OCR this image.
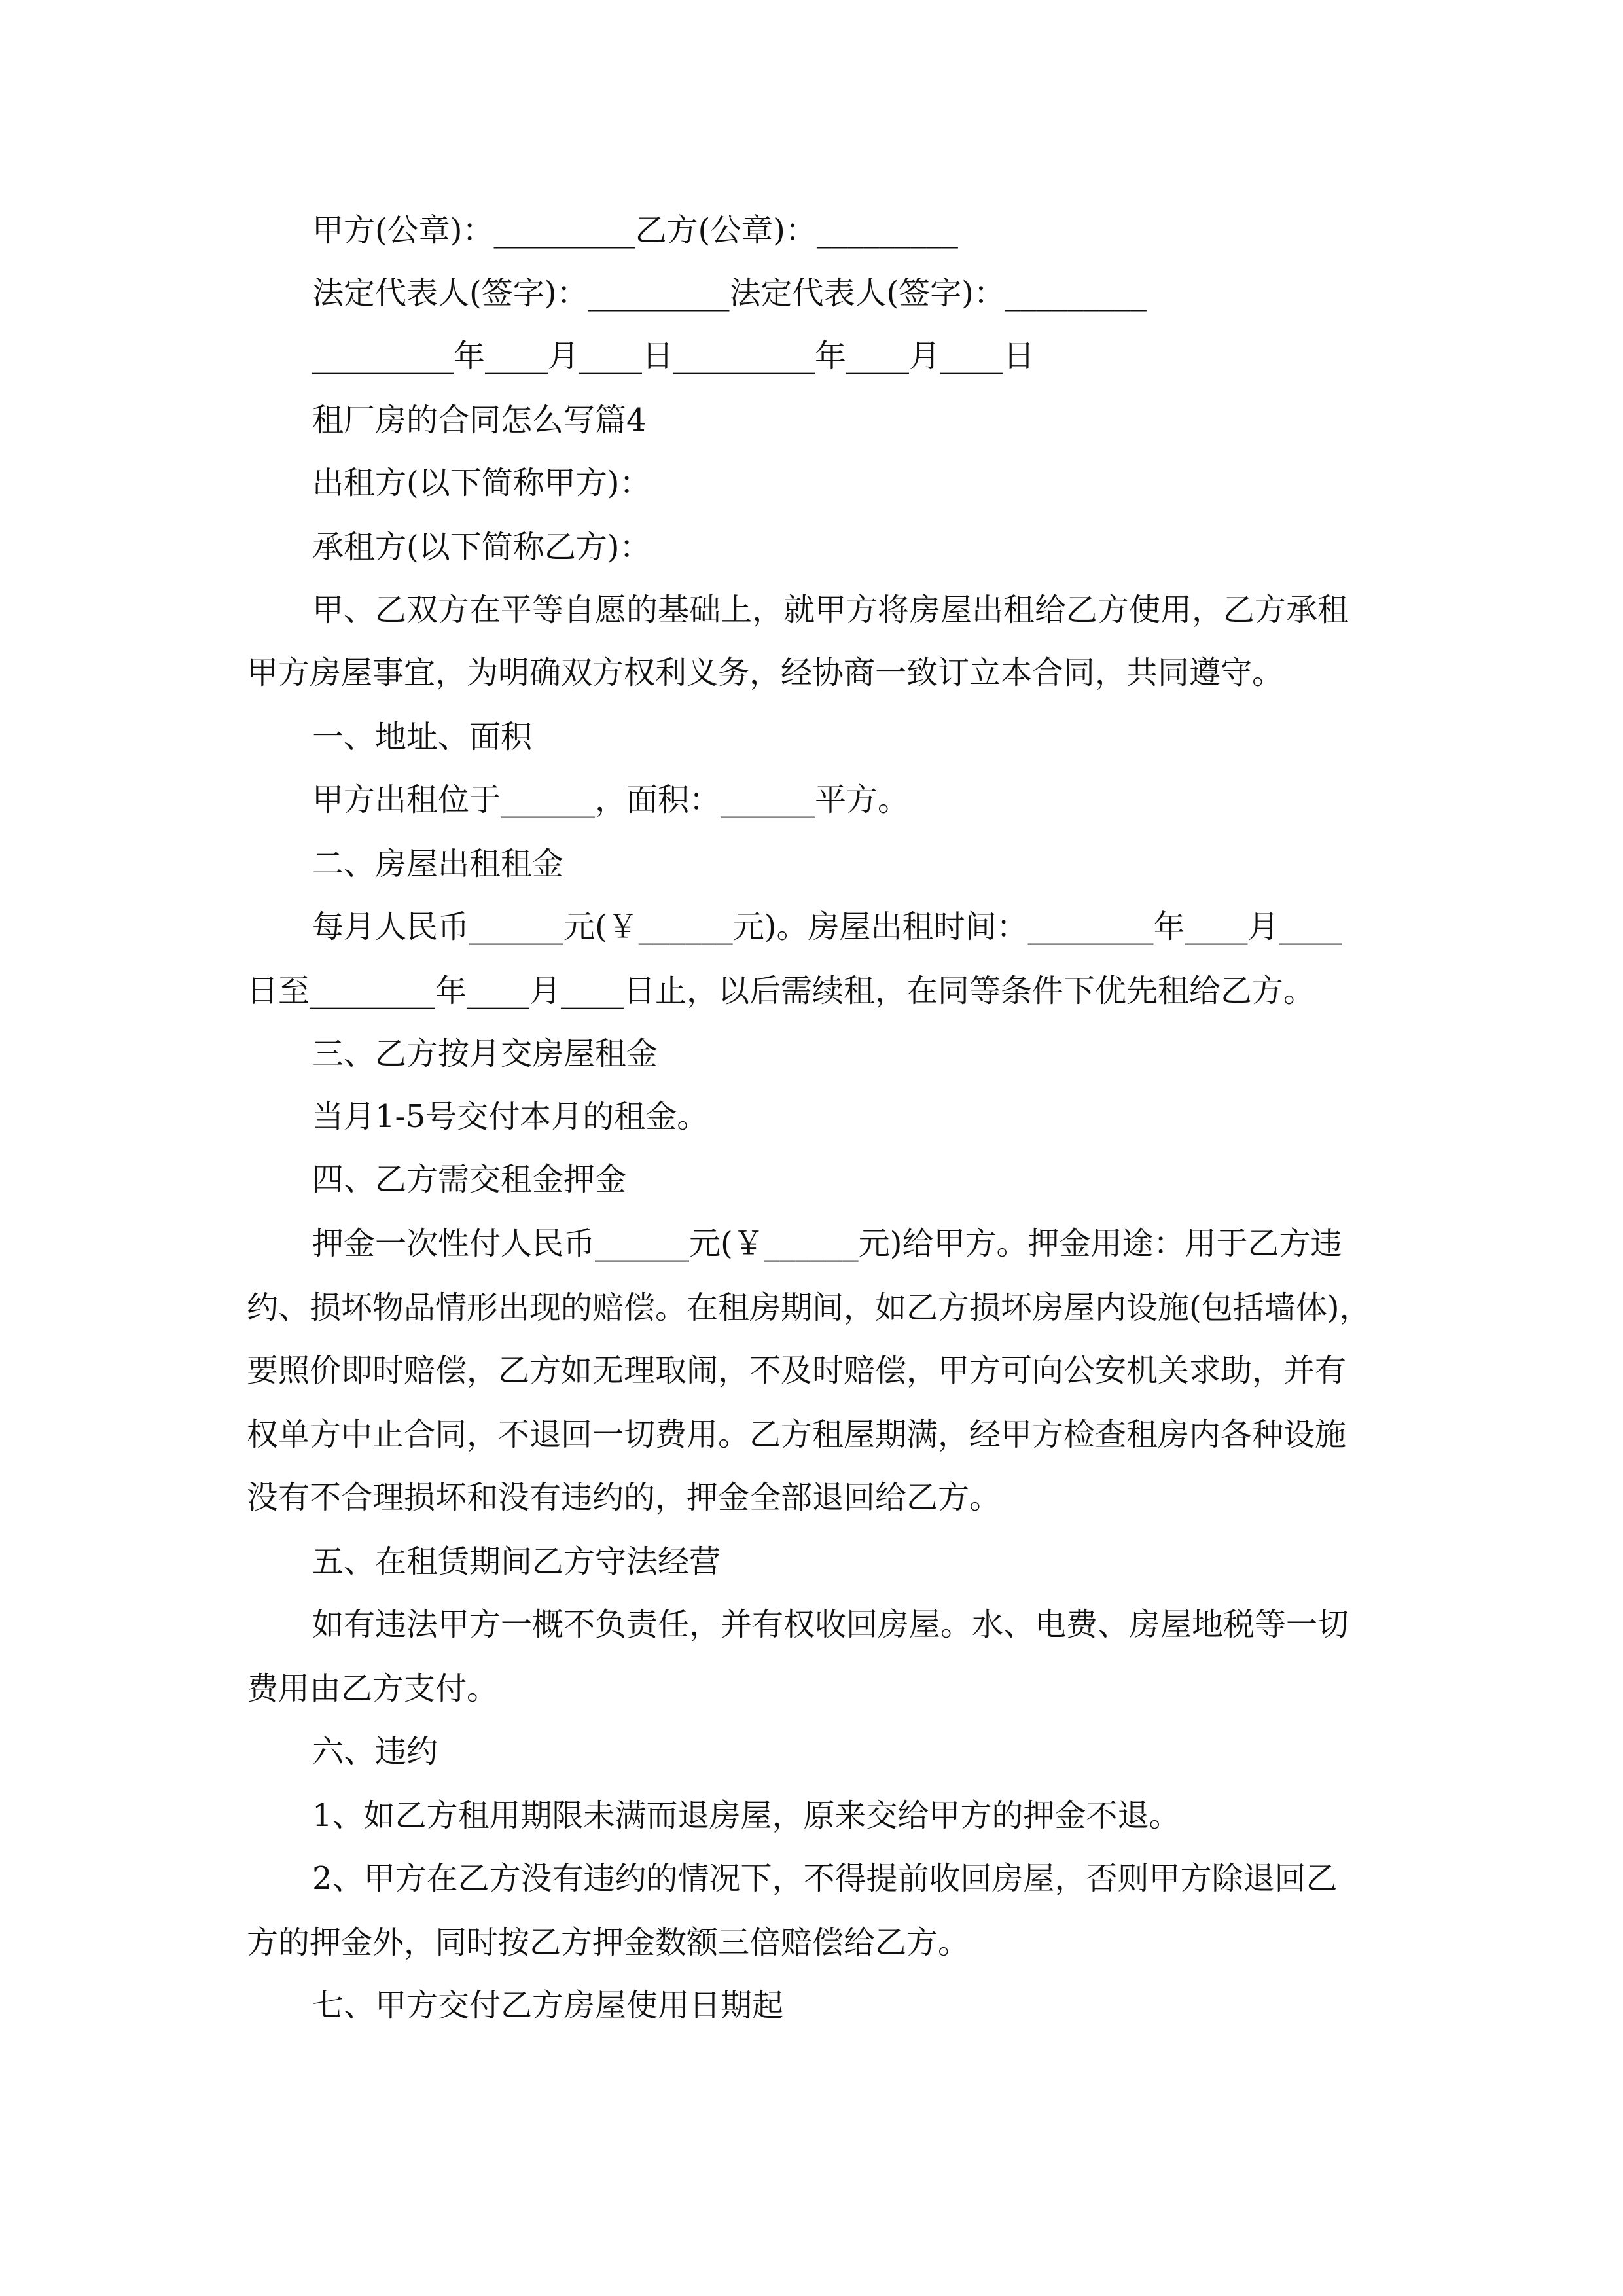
甲方(公章)：_________乙方(公章)：_________
法定代表人(签字)：_________法定代表人(签字)：_________
_________年____月____日_________年____月____日
租厂房的合同怎么写篇4
出租方(以下简称甲方)：
承租方(以下简称乙方)：
甲、乙双方在平等自愿的基础上，就甲方将房屋出租给乙方使用，乙方承租
甲方房屋事宜，为明确双方权利义务，经协商一致订立本合同，共同遵守。
一、地址、面积
甲方出租位于______，面积：______平方。
二、房屋出租租金
每月人民币______元(￥______元)。房屋出租时间：________年____月____
日至________年____月____日止，以后需续租，在同等条件下优先租给乙方。
三、乙方按月交房屋租金
当月1-5号交付本月的租金。
四、乙方需交租金押金
押金一次性付人民币______元(￥______元)给甲方。押金用途：用于乙方违
约、损坏物品情形出现的赔偿。在租房期间，如乙方损坏房屋内设施(包括墙体)，
要照价即时赔偿，乙方如无理取闹，不及时赔偿，甲方可向公安机关求助，并有
权单方中止合同，不退回一切费用。乙方租屋期满，经甲方检查租房内各种设施
没有不合理损坏和没有违约的，押金全部退回给乙方。
五、在租赁期间乙方守法经营
如有违法甲方一概不负责任，并有权收回房屋。水、电费、房屋地税等一切
费用由乙方支付。
六、违约
1、如乙方租用期限未满而退房屋，原来交给甲方的押金不退。
2、甲方在乙方没有违约的情况下，不得提前收回房屋，否则甲方除退回乙
方的押金外，同时按乙方押金数额三倍赔偿给乙方。
七、甲方交付乙方房屋使用日期起
